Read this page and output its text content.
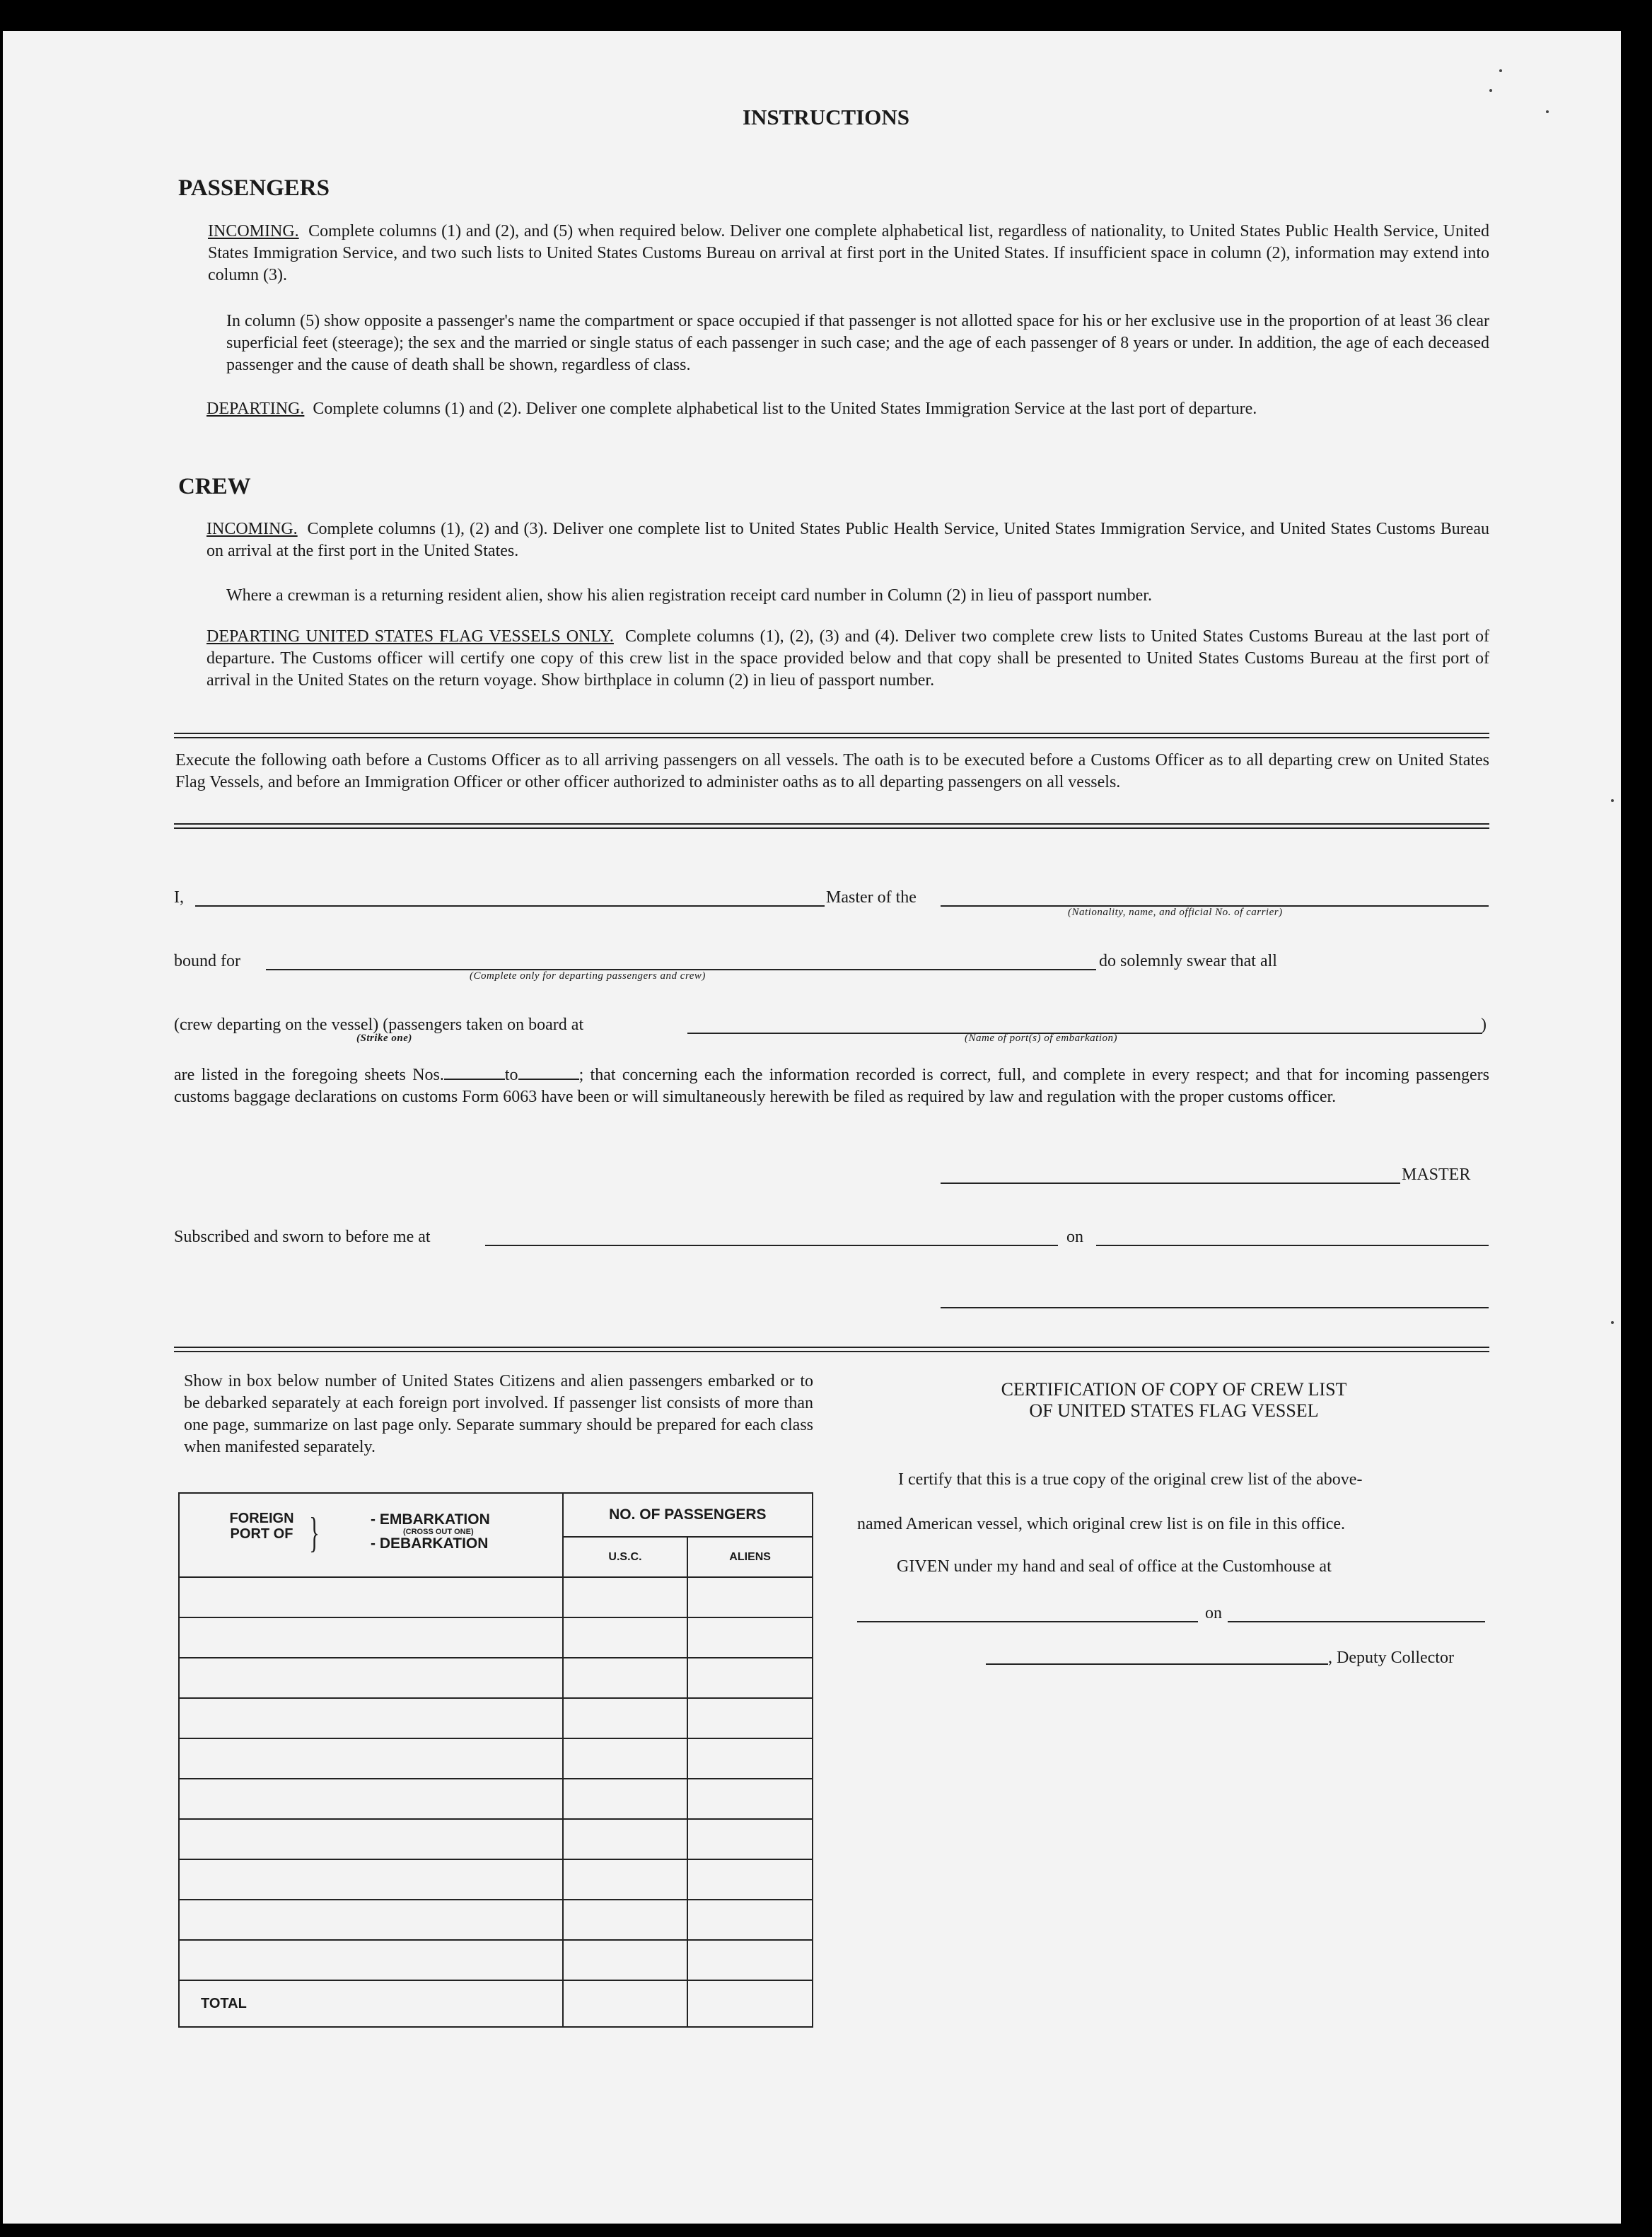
INSTRUCTIONS
PASSENGERS
INCOMING. Complete columns (1) and (2), and (5) when required below. Deliver one complete alphabetical list, regardless of nationality, to United States Public Health Service, United States Immigration Service, and two such lists to United States Customs Bureau on arrival at first port in the United States. If insufficient space in column (2), information may extend into column (3).
In column (5) show opposite a passenger's name the compartment or space occupied if that passenger is not allotted space for his or her exclusive use in the proportion of at least 36 clear superficial feet (steerage); the sex and the married or single status of each passenger in such case; and the age of each passenger of 8 years or under. In addition, the age of each deceased passenger and the cause of death shall be shown, regardless of class.
DEPARTING. Complete columns (1) and (2). Deliver one complete alphabetical list to the United States Immigration Service at the last port of departure.
CREW
INCOMING. Complete columns (1), (2) and (3). Deliver one complete list to United States Public Health Service, United States Immigration Service, and United States Customs Bureau on arrival at the first port in the United States.
Where a crewman is a returning resident alien, show his alien registration receipt card number in Column (2) in lieu of passport number.
DEPARTING UNITED STATES FLAG VESSELS ONLY. Complete columns (1), (2), (3) and (4). Deliver two complete crew lists to United States Customs Bureau at the last port of departure. The Customs officer will certify one copy of this crew list in the space provided below and that copy shall be presented to United States Customs Bureau at the first port of arrival in the United States on the return voyage. Show birthplace in column (2) in lieu of passport number.
Execute the following oath before a Customs Officer as to all arriving passengers on all vessels. The oath is to be executed before a Customs Officer as to all departing crew on United States Flag Vessels, and before an Immigration Officer or other officer authorized to administer oaths as to all departing passengers on all vessels.
I,	Master of the
(Nationality, name, and official No. of carrier)
bound for	do solemnly swear that all
(Complete only for departing passengers and crew)
(crew departing on the vessel) (passengers taken on board at	)
(Strike one)	(Name of port(s) of embarkation)
are listed in the foregoing sheets Nos.	to	; that concerning each the information recorded is correct, full, and complete in every respect; and that for incoming passengers customs baggage declarations on customs Form 6063 have been or will simultaneously herewith be filed as required by law and regulation with the proper customs officer.
MASTER
Subscribed and sworn to before me at	on
Show in box below number of United States Citizens and alien passengers embarked or to be debarked separately at each foreign port involved. If passenger list consists of more than one page, summarize on last page only. Separate summary should be prepared for each class when manifested separately.
FOREIGN PORT OF } - EMBARKATION
(CROSS OUT ONE)
- DEBARKATION	NO. OF PASSENGERS	
	U.S.C.	ALIENS

TOTAL		
CERTIFICATION OF COPY OF CREW LIST
OF UNITED STATES FLAG VESSEL
I certify that this is a true copy of the original crew list of the above-
named American vessel, which original crew list is on file in this office.
GIVEN under my hand and seal of office at the Customhouse at
on
, Deputy Collector
